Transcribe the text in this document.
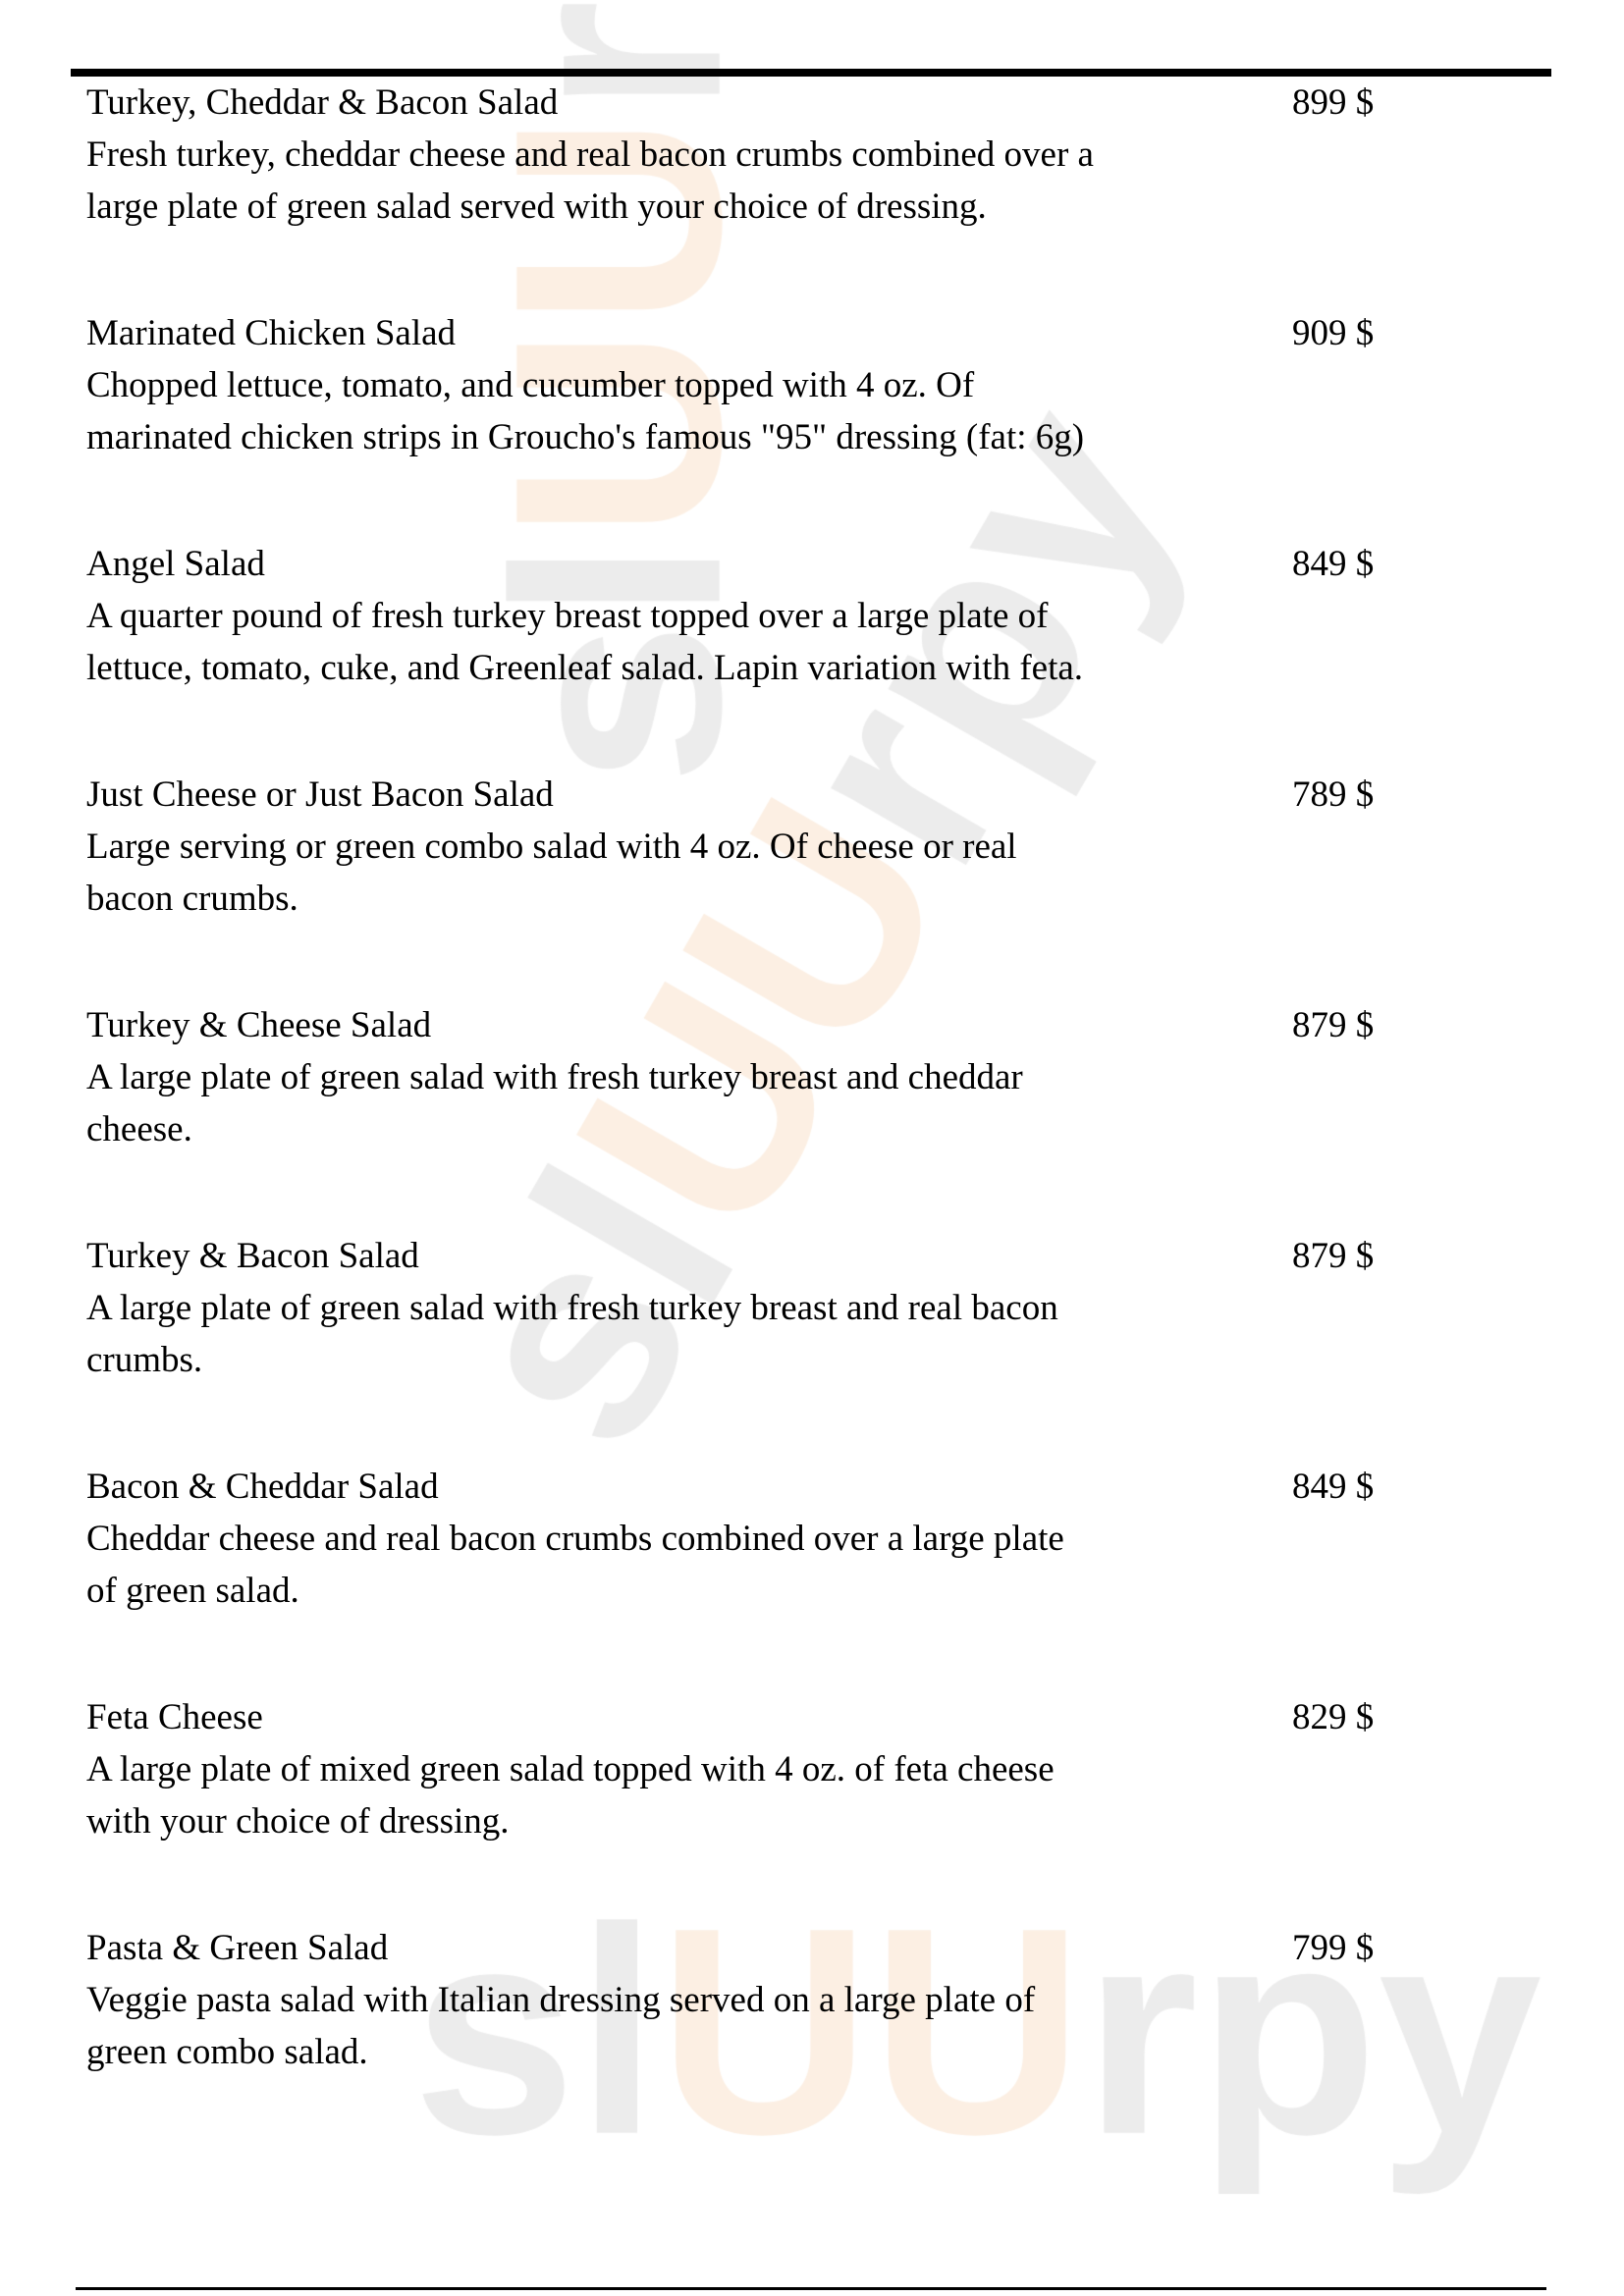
Turkey, Cheddar & Bacon Salad	899 $
Fresh turkey, cheddar cheese and real bacon crumbs combined over a
large plate of green salad served with your choice of dressing.
Marinated Chicken Salad	909 $
Chopped lettuce, tomato, and cucumber topped with 4 oz. Of
marinated chicken strips in Groucho's famous "95" dressing (fat: 6g)
Angel Salad	849 $
A quarter pound of fresh turkey breast topped over a large plate of
lettuce, tomato, cuke, and Greenleaf salad. Lapin variation with feta.
Just Cheese or Just Bacon Salad	789 $
Large serving or green combo salad with 4 oz. Of cheese or real
bacon crumbs.
Turkey & Cheese Salad	879 $
A large plate of green salad with fresh turkey breast and cheddar
cheese.
Turkey & Bacon Salad	879 $
A large plate of green salad with fresh turkey breast and real bacon
crumbs.
Bacon & Cheddar Salad	849 $
Cheddar cheese and real bacon crumbs combined over a large plate
of green salad.
Feta Cheese	829 $
A large plate of mixed green salad topped with 4 oz. of feta cheese
with your choice of dressing.
Pasta & Green Salad	799 $
Veggie pasta salad with Italian dressing served on a large plate of
green combo salad.
